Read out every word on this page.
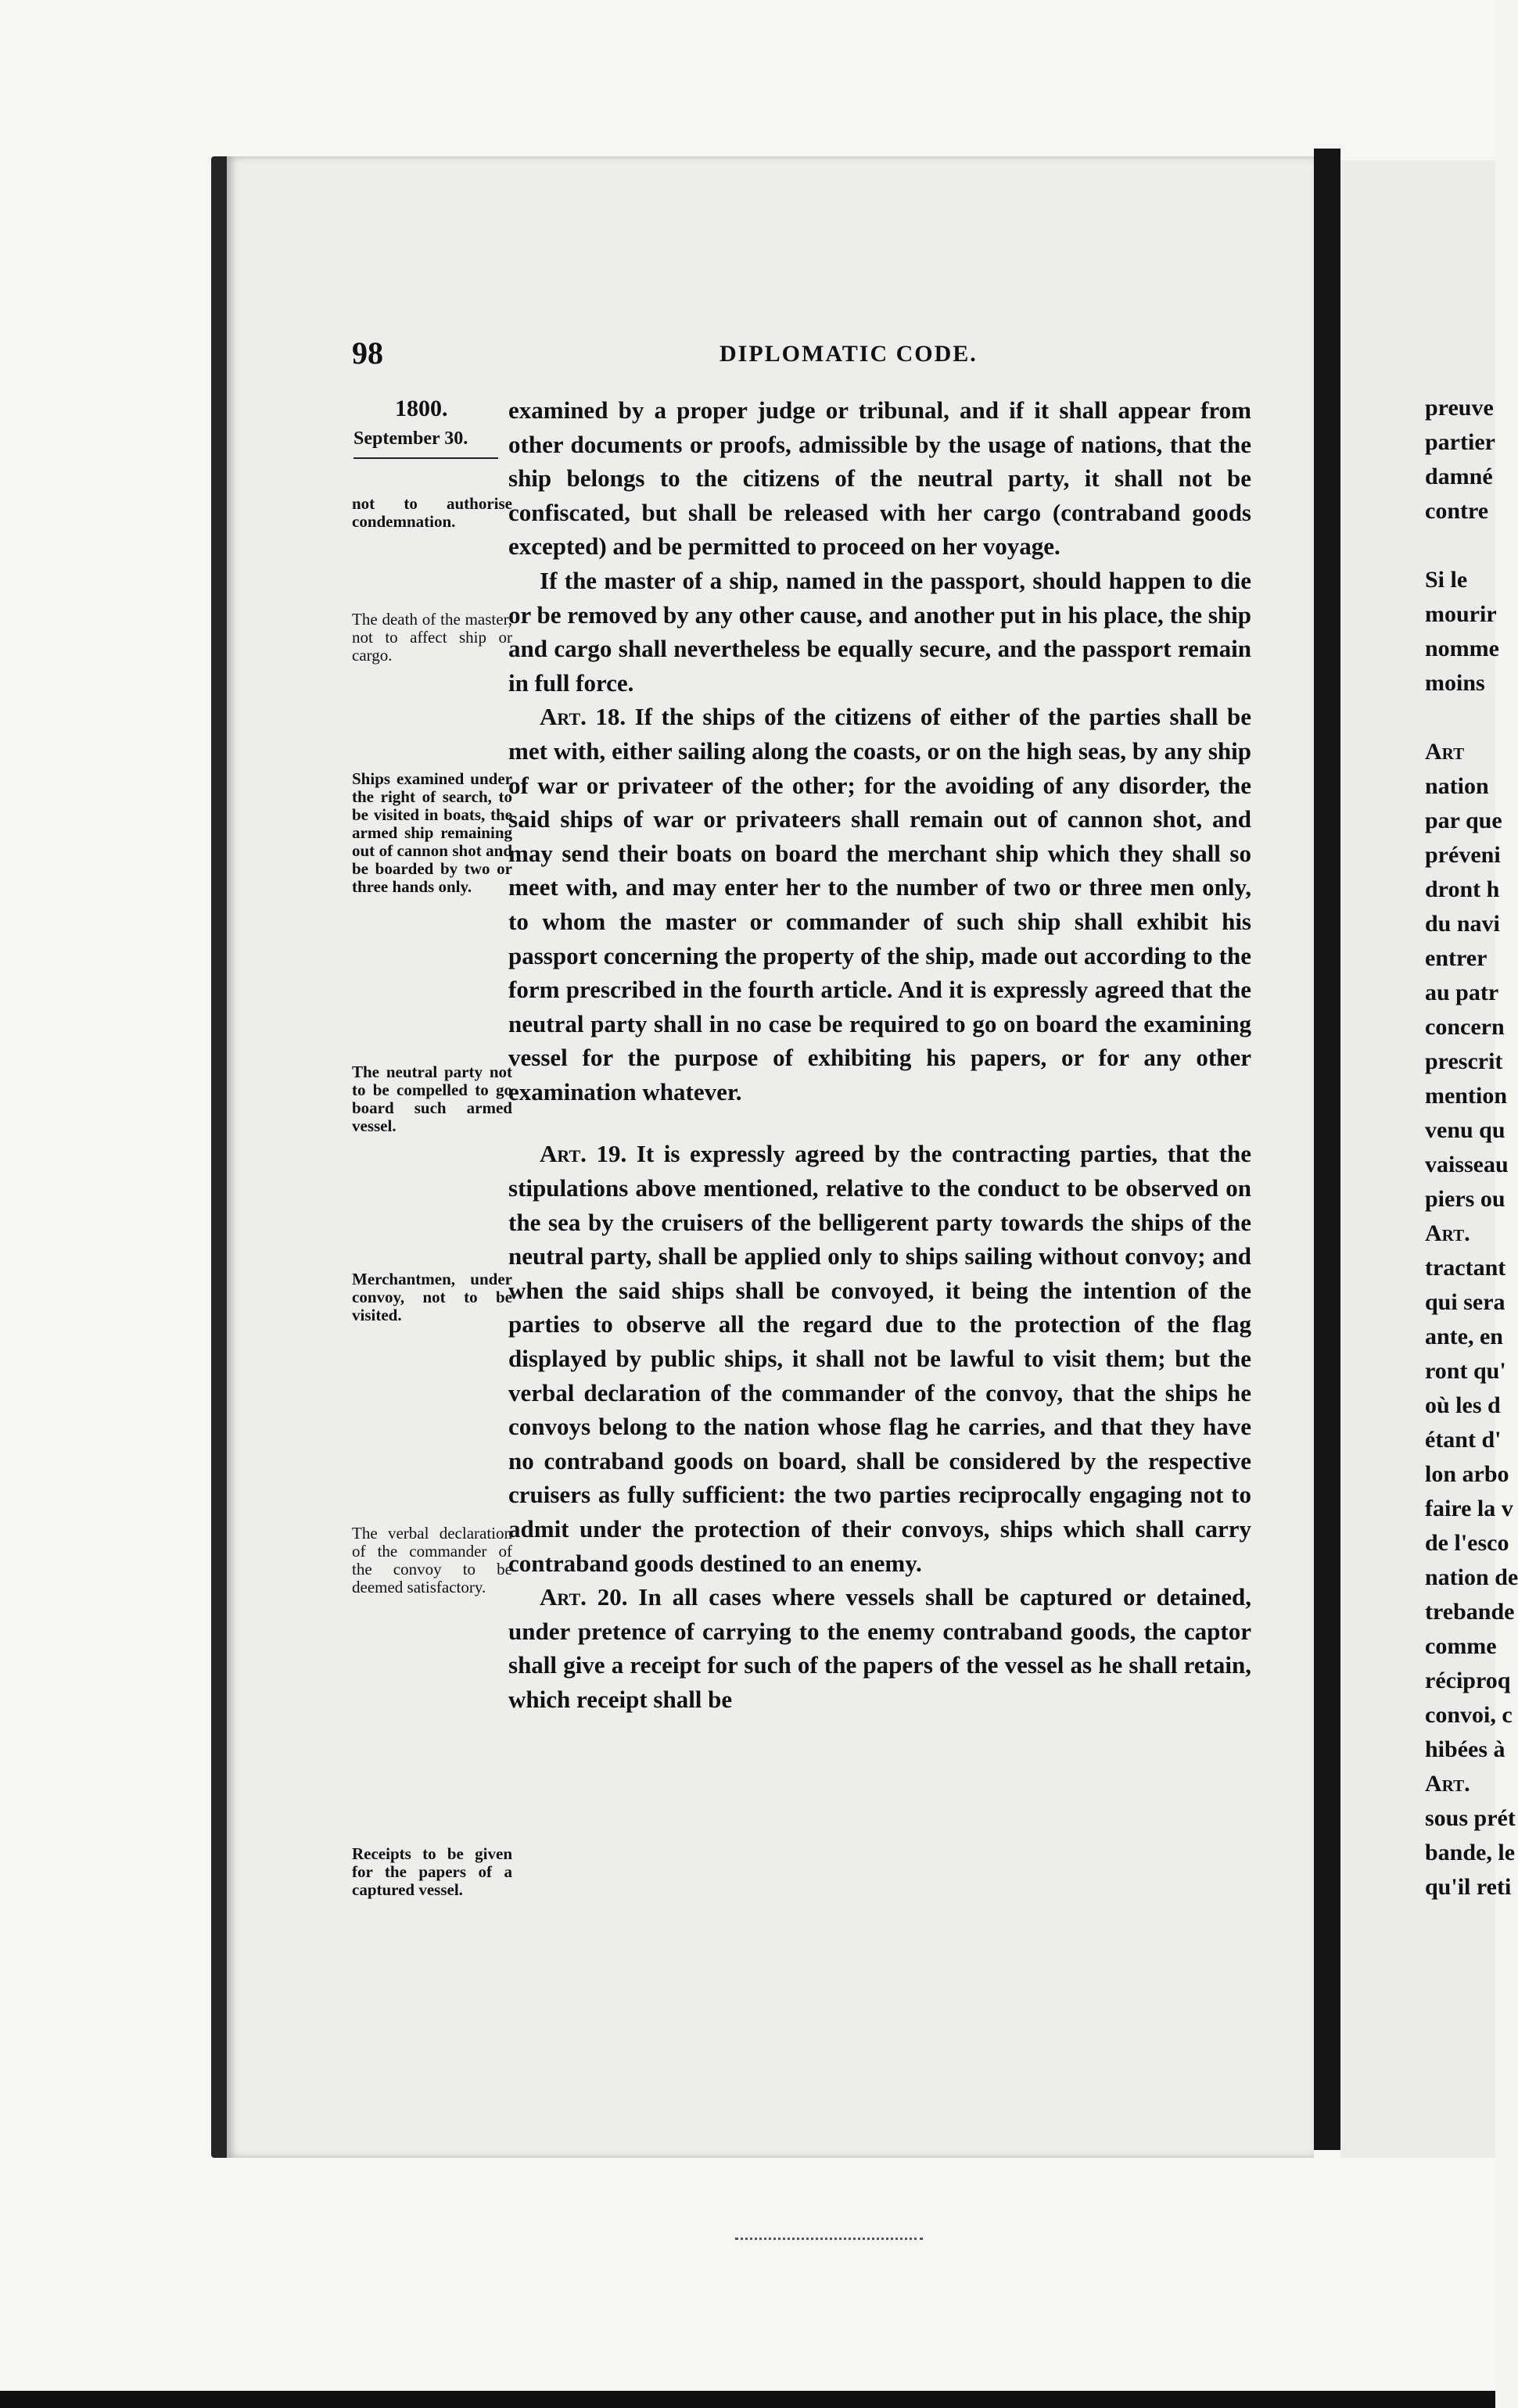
preuve
partier
damné
contre
Si le
mourir
nomme
moins
Art
nation
par que
préveni
dront h
du navi
entrer
au patr
concern
prescrit
mention
venu qu
vaisseau
piers ou
Art.
tractant
qui sera
ante, en
ront qu'
où les d
étant d'
lon arbo
faire la v
de l'esco
nation de
trebande
comme
réciproq
convoi, c
hibées à
Art.
sous prét
bande, le
qu'il reti
98	DIPLOMATIC CODE.
1800.
September 30.

not to authorise condemnation.

The death of the master, not to affect ship or cargo.

Ships examined under the right of search, to be visited in boats, the armed ship remaining out of cannon shot and be boarded by two or three hands only.

The neutral party not to be compelled to go board such armed vessel.

Merchantmen, under convoy, not to be visited.

The verbal declaration of the commander of the convoy to be deemed satisfactory.

Receipts to be given for the papers of a captured vessel.

examined by a proper judge or tribunal, and if it shall appear from other documents or proofs, admissible by the usage of nations, that the ship belongs to the citizens of the neutral party, it shall not be confiscated, but shall be released with her cargo (contraband goods excepted) and be permitted to proceed on her voyage.

If the master of a ship, named in the passport, should happen to die or be removed by any other cause, and another put in his place, the ship and cargo shall nevertheless be equally secure, and the passport remain in full force.

Art. 18. If the ships of the citizens of either of the parties shall be met with, either sailing along the coasts, or on the high seas, by any ship of war or privateer of the other; for the avoiding of any disorder, the said ships of war or privateers shall remain out of cannon shot, and may send their boats on board the merchant ship which they shall so meet with, and may enter her to the number of two or three men only, to whom the master or commander of such ship shall exhibit his passport concerning the property of the ship, made out according to the form prescribed in the fourth article. And it is expressly agreed that the neutral party shall in no case be required to go on board the examining vessel for the purpose of exhibiting his papers, or for any other examination whatever.

Art. 19. It is expressly agreed by the contracting parties, that the stipulations above mentioned, relative to the conduct to be observed on the sea by the cruisers of the belligerent party towards the ships of the neutral party, shall be applied only to ships sailing without convoy; and when the said ships shall be convoyed, it being the intention of the parties to observe all the regard due to the protection of the flag displayed by public ships, it shall not be lawful to visit them; but the verbal declaration of the commander of the convoy, that the ships he convoys belong to the nation whose flag he carries, and that they have no contraband goods on board, shall be considered by the respective cruisers as fully sufficient: the two parties reciprocally engaging not to admit under the protection of their convoys, ships which shall carry contraband goods destined to an enemy.

Art. 20. In all cases where vessels shall be captured or detained, under pretence of carrying to the enemy contraband goods, the captor shall give a receipt for such of the papers of the vessel as he shall retain, which receipt shall be
